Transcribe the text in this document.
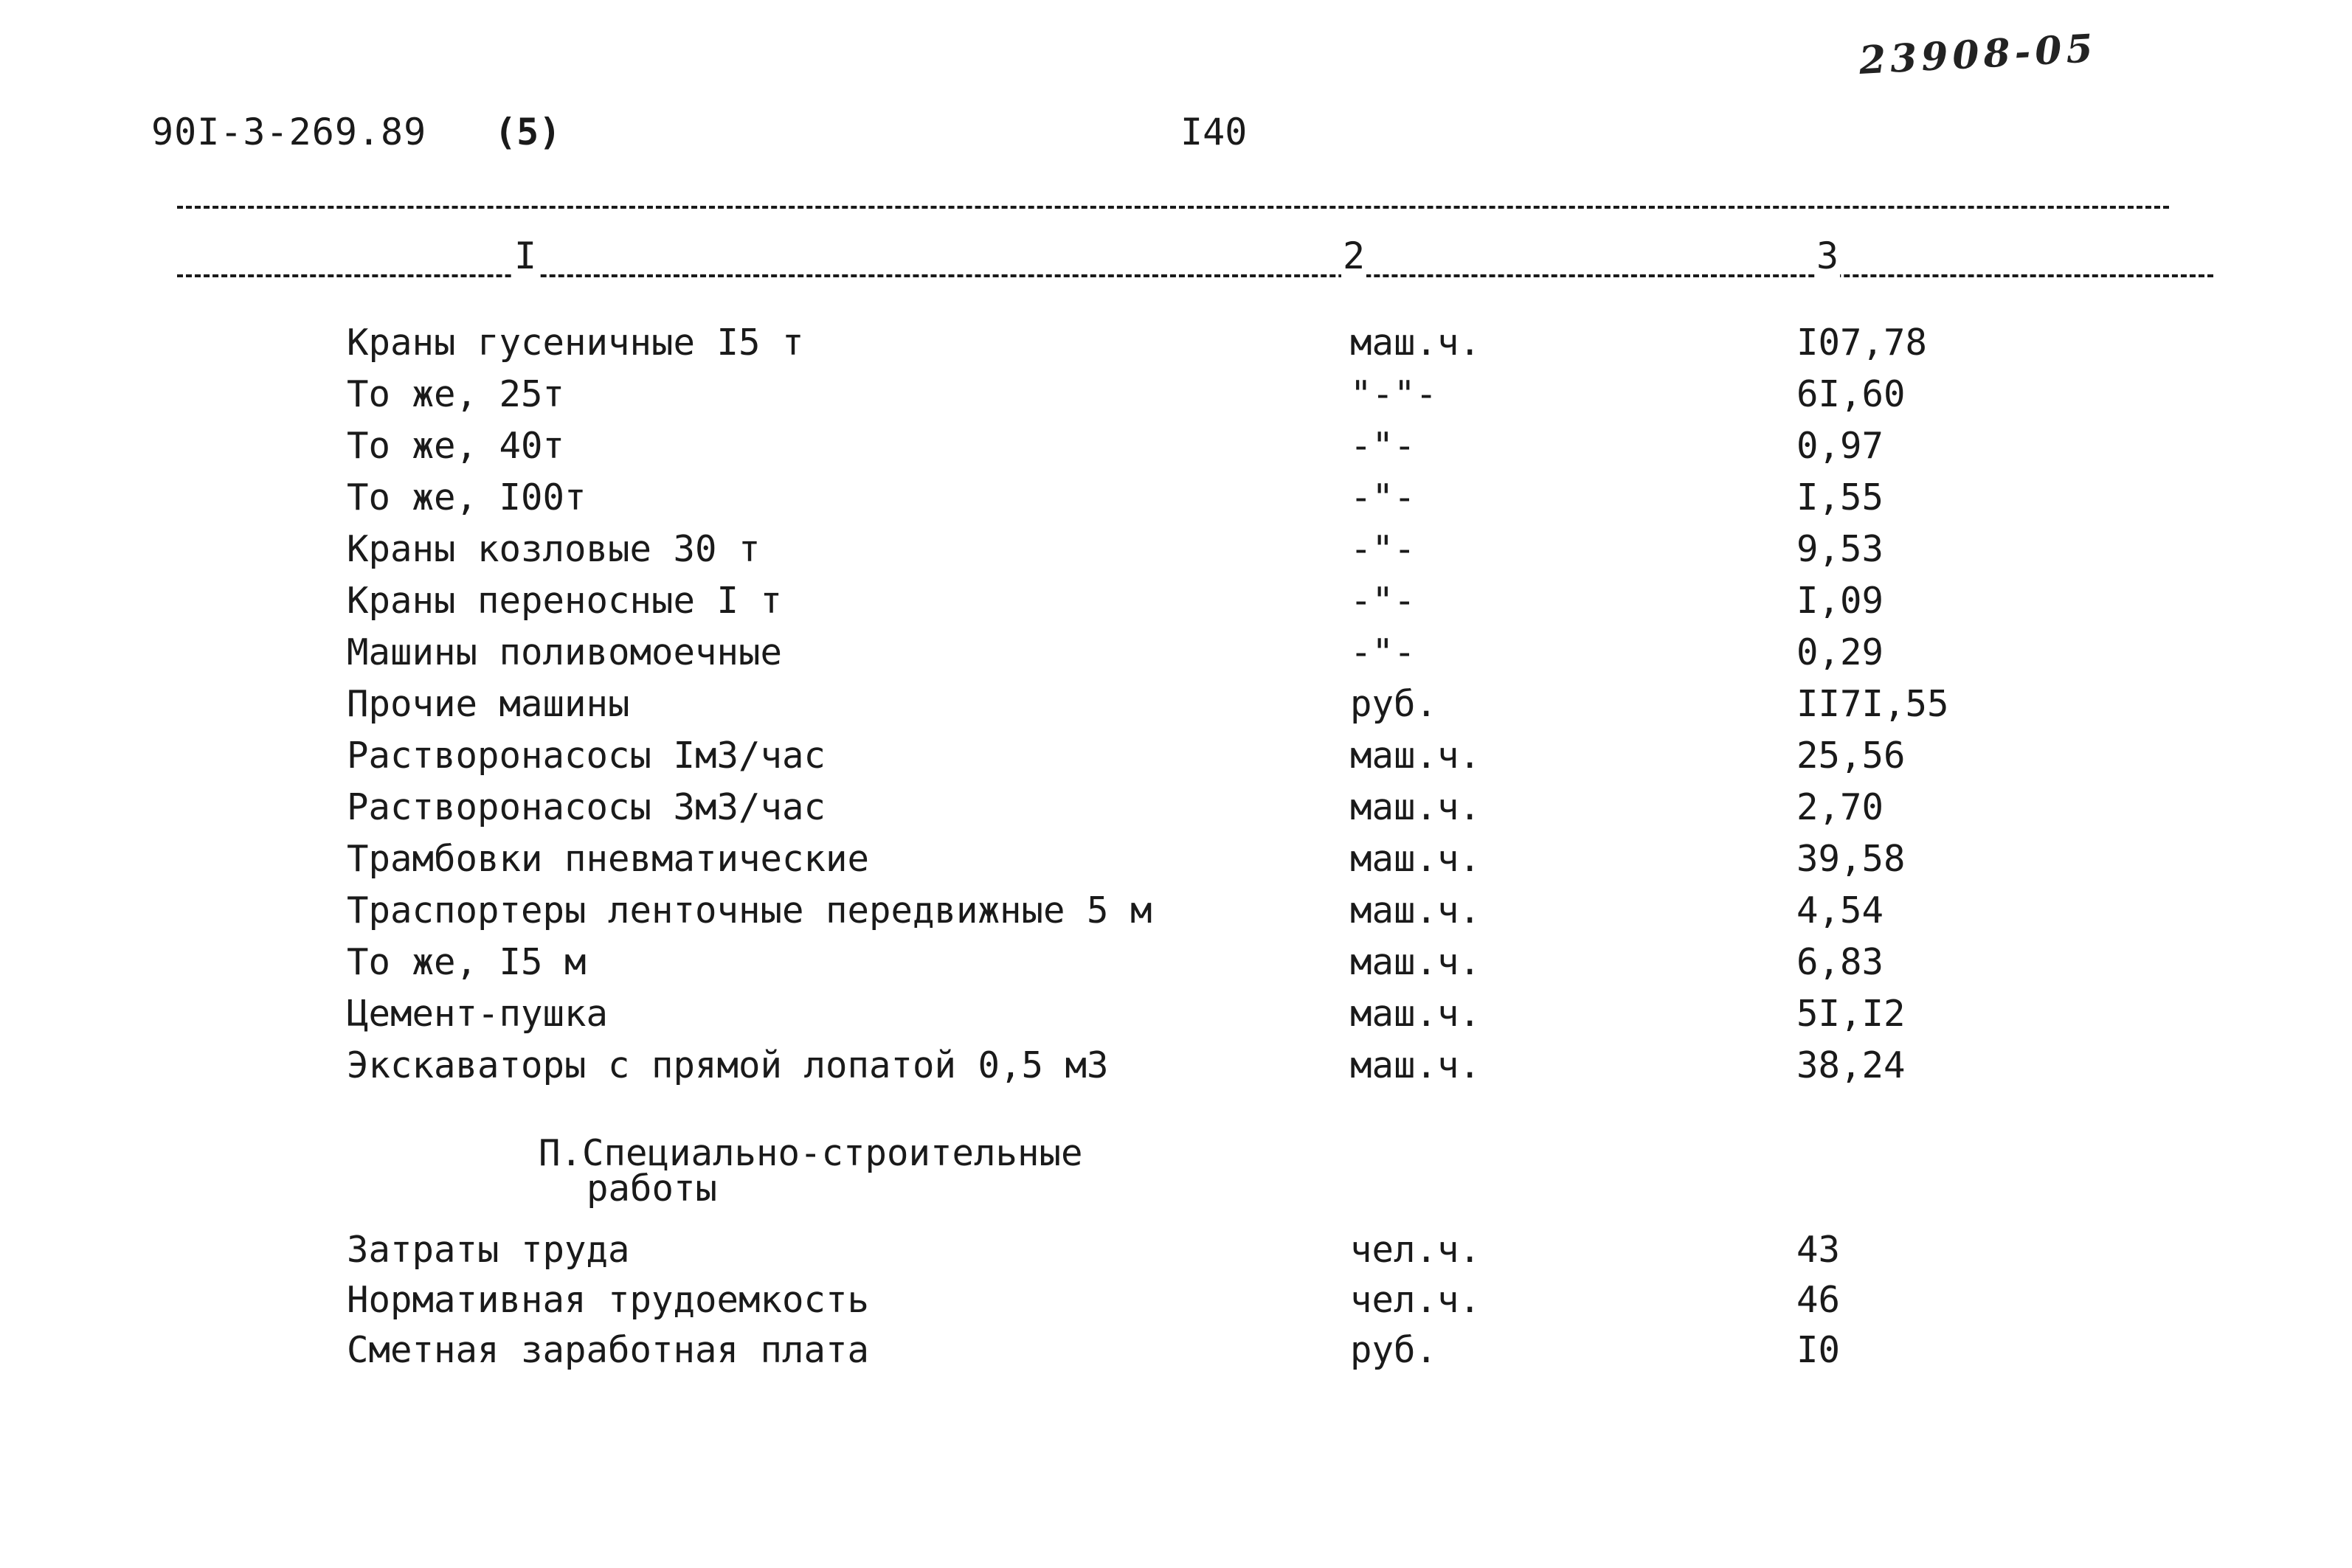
23908-05
90I-3-269.89 (5)	I40
I	2	3
Краны гусеничные I5 т	маш.ч.	I07,78
То же, 25т	"-"-	6I,60
То же, 40т	-"-	0,97
То же, I00т	-"-	I,55
Краны козловые 30 т	-"-	9,53
Краны переносные I т	-"-	I,09
Машины поливомоечные	-"-	0,29
Прочие машины	руб.	II7I,55
Растворонасосы Iм3/час	маш.ч.	25,56
Растворонасосы 3м3/час	маш.ч.	2,70
Трамбовки пневматические	маш.ч.	39,58
Траспортеры ленточные передвижные 5 м	маш.ч.	4,54
То же, I5 м	маш.ч.	6,83
Цемент-пушка	маш.ч.	5I,I2
Экскаваторы с прямой лопатой 0,5 м3	маш.ч.	38,24
П.Специально-строительные
работы
Затраты труда	чел.ч.	43
Нормативная трудоемкость	чел.ч.	46
Сметная заработная плата	руб.	I0
